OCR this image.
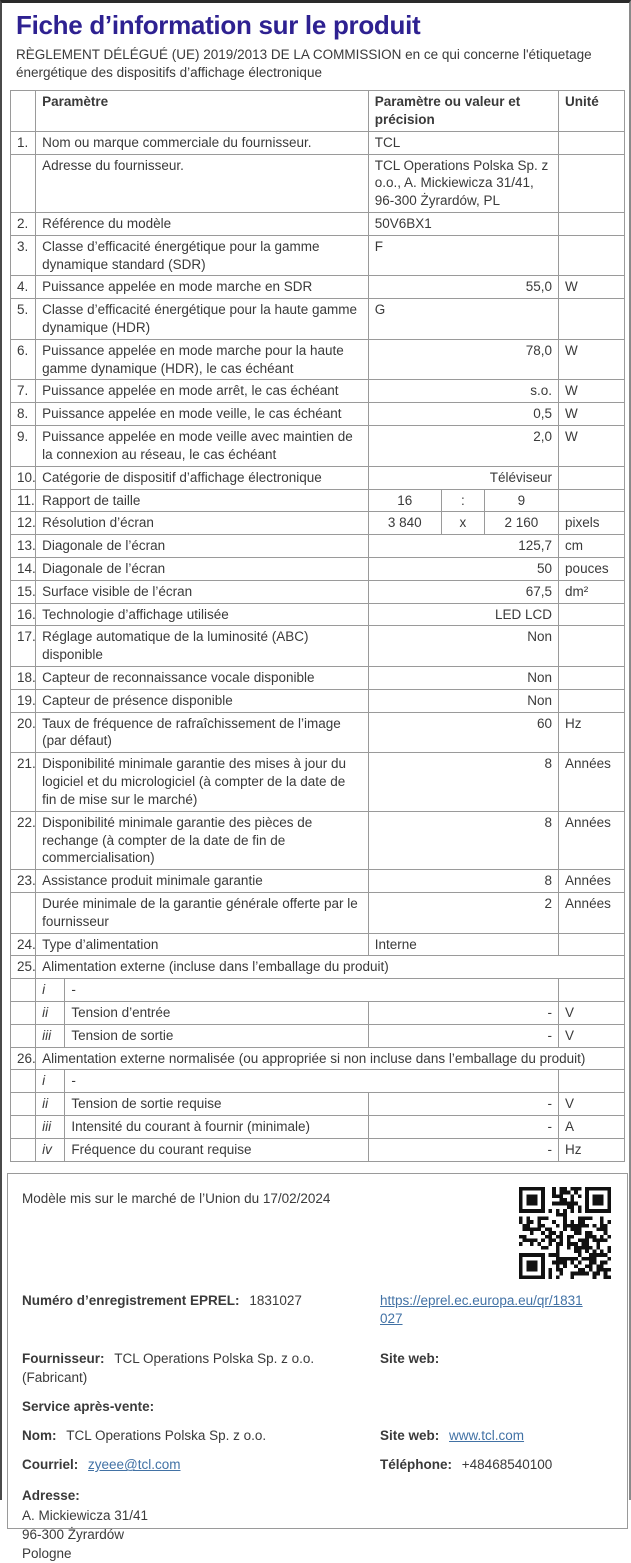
Fiche d’information sur le produit
RÈGLEMENT DÉLÉGUÉ (UE) 2019/2013 DE LA COMMISSION en ce qui concerne l'étiquetage énergétique des dispositifs d’affichage électronique
	Paramètre		Paramètre ou valeur et précision			Unité
1.	Nom ou marque commerciale du fournisseur.		TCL			
	Adresse du fournisseur.		TCL Operations Polska Sp. z o.o., A. Mickiewicza 31/41, 96-300 Żyrardów, PL			
2.	Référence du modèle		50V6BX1			
3.	Classe d’efficacité énergétique pour la gamme dynamique standard (SDR)		F			
4.	Puissance appelée en mode marche en SDR		55,0			W
5.	Classe d’efficacité énergétique pour la haute gamme dynamique (HDR)		G			
6.	Puissance appelée en mode marche pour la haute gamme dynamique (HDR), le cas échéant		78,0			W
7.	Puissance appelée en mode arrêt, le cas échéant		s.o.			W
8.	Puissance appelée en mode veille, le cas échéant		0,5			W
9.	Puissance appelée en mode veille avec maintien de la connexion au réseau, le cas échéant		2,0			W
10.	Catégorie de dispositif d’affichage électronique		Téléviseur			
11.	Rapport de taille		16	:	9	
12.	Résolution d’écran		3 840	x	2 160	pixels
13.	Diagonale de l’écran		125,7			cm
14.	Diagonale de l’écran		50			pouces
15.	Surface visible de l’écran		67,5			dm²
16.	Technologie d’affichage utilisée		LED LCD			
17.	Réglage automatique de la luminosité (ABC) disponible		Non			
18.	Capteur de reconnaissance vocale disponible		Non			
19.	Capteur de présence disponible		Non			
20.	Taux de fréquence de rafraîchissement de l’image (par défaut)		60			Hz
21.	Disponibilité minimale garantie des mises à jour du logiciel et du micrologiciel (à compter de la date de fin de mise sur le marché)		8			Années
22.	Disponibilité minimale garantie des pièces de rechange (à compter de la date de fin de commercialisation)		8			Années
23.	Assistance produit minimale garantie		8			Années
	Durée minimale de la garantie générale offerte par le fournisseur		2			Années
24.	Type d’alimentation		Interne			
25.	Alimentation externe (incluse dans l’emballage du produit)					
	i	-				
	ii	Tension d’entrée	-			V
	iii	Tension de sortie	-			V
26.	Alimentation externe normalisée (ou appropriée si non incluse dans l’emballage du produit)					
	i	-				
	ii	Tension de sortie requise	-			V
	iii	Intensité du courant à fournir (minimale)	-			A
	iv	Fréquence du courant requise	-			Hz
Modèle mis sur le marché de l’Union du 17/02/2024
Numéro d’enregistrement EPREL: 1831027	https://eprel.ec.europa.eu/qr/1831027
Fournisseur: TCL Operations Polska Sp. z o.o. (Fabricant)
Site web:
Service après-vente:
Nom: TCL Operations Polska Sp. z o.o.	Site web: www.tcl.com
Courriel: zyeee@tcl.com	Téléphone: +48468540100
Adresse:
A. Mickiewicza 31/41
96-300 Żyrardów
Pologne
